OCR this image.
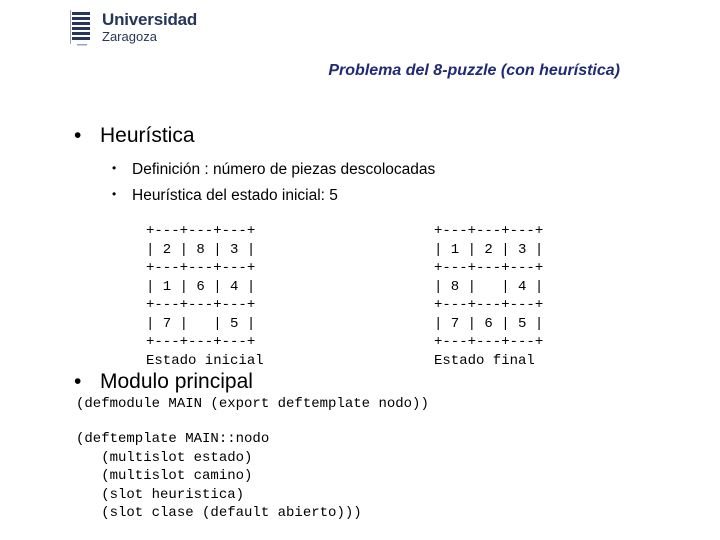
Universidad
Zaragoza
Problema del 8-puzzle (con heurística)
• Heurística
• Definición : número de piezas descolocadas
• Heurística del estado inicial: 5
+---+---+---+
| 2 | 8 | 3 |
+---+---+---+
| 1 | 6 | 4 |
+---+---+---+
| 7 |   | 5 |
+---+---+---+
Estado inicial
+---+---+---+
| 1 | 2 | 3 |
+---+---+---+
| 8 |   | 4 |
+---+---+---+
| 7 | 6 | 5 |
+---+---+---+
Estado final
• Modulo principal
(defmodule MAIN (export deftemplate nodo))
(deftemplate MAIN::nodo
(multislot estado)
(multislot camino)
(slot heuristica)
(slot clase (default abierto)))
